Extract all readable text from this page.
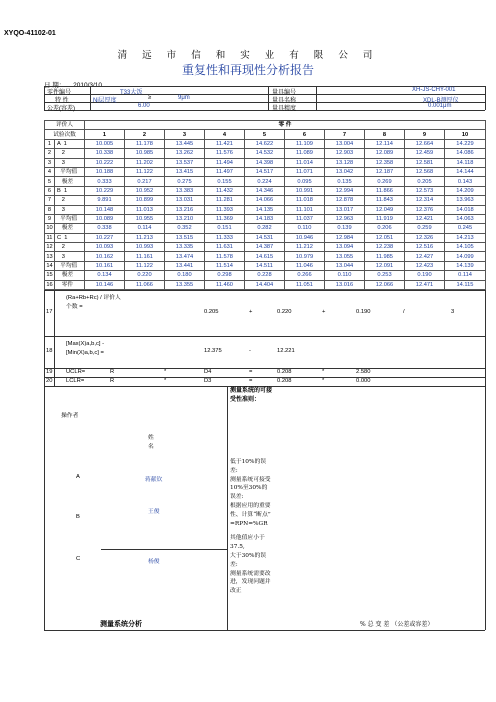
XYQO-41102-01
清 远 市 信 和 实 业 有 限 公 司
重复性和再现性分析报告
日 期： 2010/3/10
零件编号	T33大饭
特 性	Ni层厚度	≥	9μm
公差(容差)	6.00
量具编号	XH-JS-CHY-001
量具名称	XDL-B测厚仪
量具精度	0.001μm
评价人		零 件									
试验次数		1	2	3	4	5	6	7	8	9	10
1	A  1	10.005	11.178	13.445	11.421	14.622	11.109	13.004	12.114	12.664	14.229
2	2	10.338	10.985	13.262	11.576	14.532	11.089	12.903	12.089	12.459	14.086
3	3	10.222	11.202	13.537	11.494	14.398	11.014	13.128	12.358	12.581	14.118
4	平均值	10.188	11.122	13.415	11.497	14.517	11.071	13.042	12.187	12.568	14.144
5	极差	0.333	0.217	0.275	0.155	0.224	0.095	0.135	0.269	0.205	0.143
6	B  1	10.229	10.952	13.383	11.432	14.346	10.991	12.994	11.866	12.573	14.209
7	2	9.891	10.899	13.031	11.281	14.066	11.018	12.878	11.843	12.314	13.963
8	3	10.148	11.013	13.216	11.393	14.135	11.101	13.017	12.049	12.376	14.018
9	平均值	10.089	10.955	13.210	11.369	14.183	11.037	12.963	11.919	12.421	14.063
10	极差	0.338	0.114	0.352	0.151	0.282	0.110	0.139	0.206	0.259	0.245
11	C  1	10.227	11.213	13.515	11.333	14.531	10.946	12.984	12.051	12.326	14.213
12	2	10.093	10.993	13.335	11.631	14.387	11.212	13.094	12.238	12.516	14.105
13	3	10.162	11.161	13.474	11.578	14.615	10.979	13.055	11.985	12.427	14.099
14	平均值	10.161	11.122	13.441	11.514	14.511	11.046	13.044	12.091	12.423	14.139
15	极差	0.134	0.220	0.180	0.298	0.228	0.266	0.110	0.253	0.190	0.114
16	零件	10.146	11.066	13.355	11.460	14.404	11.051	13.016	12.066	12.471	14.115
17
(Ra+Rb+Rc) / 评价人个数 =
0.205	+	0.220	+	0.190	/	3
18
[Max(X)a,b,c] - [Min(X)a,b,c] =	12.375	-	12.221
19 UCLR=	R̄	*	D4	=	0.208	*	2.580
20 LCLR=	R̄	*	D3	=	0.208	*	0.000
操作者
姓名
A	蒋献钦
B
王俊
C	杨俊
测量系统的可接受性准则：
低于10%的误差:
测量系统可接受
10%至30%的误差:
根据应用的重要性、计算“断点”
=RPN=%GR
其他值应小于37.5,
大于30%的误差:
测量系统需要改进，发现问题并改正
测量系统分析	% 总 变 差 （公差或容差）
